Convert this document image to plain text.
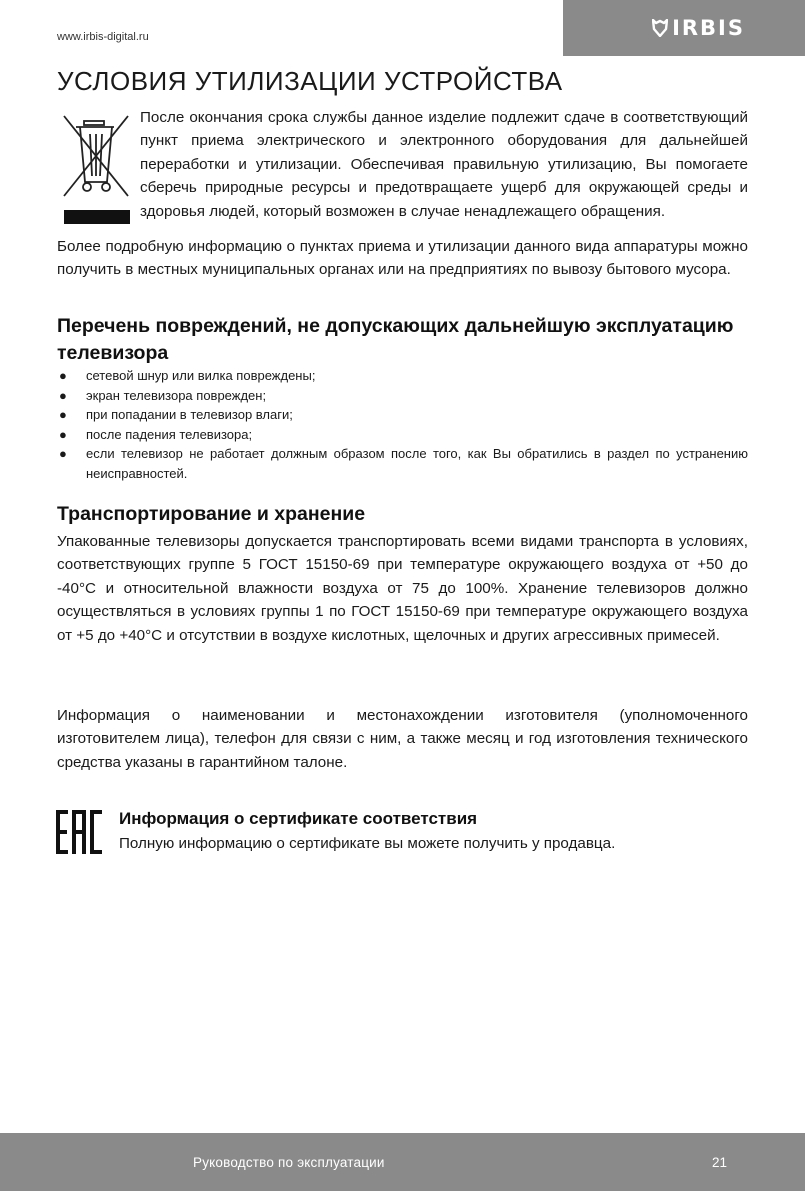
www.irbis-digital.ru	IRBIS
УСЛОВИЯ УТИЛИЗАЦИИ УСТРОЙСТВА

После окончания срока службы данное изделие подлежит сдаче в соответствующий пункт приема электрического и электронного оборудования для дальнейшей переработки и утилизации. Обеспечивая правильную утилизацию, Вы помогаете сберечь природные ресурсы и предотвращаете ущерб для окружающей среды и здоровья людей, который возможен в случае ненадлежащего обращения.

Более подробную информацию о пунктах приема и утилизации данного вида аппаратуры можно получить в местных муниципальных органах или на предприятиях по вывозу бытового мусора.

Перечень повреждений, не допускающих дальнейшую эксплуатацию телевизора
● сетевой шнур или вилка повреждены;
● экран телевизора поврежден;
● при попадании в телевизор влаги;
● после падения телевизора;
● если телевизор не работает должным образом после того, как Вы обратились в раздел по устранению неисправностей.
Транспортирование и хранение

Упакованные телевизоры допускается транспортировать всеми видами транспорта в условиях, соответствующих группе 5 ГОСТ 15150-69 при температуре окружающего воздуха от +50 до -40°С и относительной влажности воздуха от 75 до 100%. Хранение телевизоров должно осуществляться в условиях группы 1 по ГОСТ 15150-69 при температуре окружающего воздуха от +5 до +40°С и отсутствии в воздухе кислотных, щелочных и других агрессивных примесей.

Информация о наименовании и местонахождении изготовителя (уполномоченного изготовителем лица), телефон для связи с ним, а также месяц и год изготовления технического средства указаны в гарантийном талоне.

Информация о сертификате соответствия

Полную информацию о сертификате вы можете получить у продавца.

Руководство по эксплуатации	21
